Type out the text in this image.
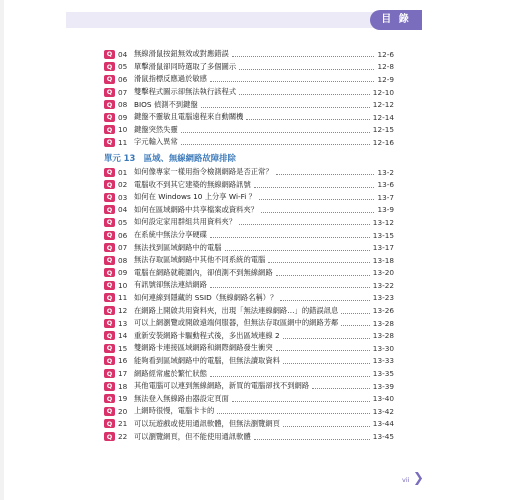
目 錄
Q 04 無線滑鼠按鈕無效或對應錯誤	12-6
Q 05 單擊滑鼠卻同時選取了多個圖示	12-8
Q 06 滑鼠指標反應過於敏感	12-9
Q 07 雙擊程式圖示卻無法執行該程式	12-10
Q 08 BIOS 偵測不到鍵盤	12-12
Q 09 鍵盤不靈敏且電腦遠程來自動關機	12-14
Q 10 鍵盤突然失靈	12-15
Q 11 字元輸入異常	12-16
單元 13　區域、無線網路故障排除
Q 01 如何像專家一樣用指令檢測網路是否正常？	13-2
Q 02 電腦收不到其它建築的無線網路訊號	13-6
Q 03 如何在 Windows 10 上分享 Wi-Fi ？	13-7
Q 04 如何在區域網路中共享檔案或資料夾？	13-9
Q 05 如何設定家用群組共用資料夾？	13-12
Q 06 在系統中無法分享硬碟	13-15
Q 07 無法找到區域網路中的電腦	13-17
Q 08 無法存取區域網路中其他不同系統的電腦	13-18
Q 09 電腦在網路就範圍內，卻偵測不到無線網路	13-20
Q 10 有訊號卻無法連結網路	13-22
Q 11 如何連線到隱藏的 SSID（無線網路名稱）？	13-23
Q 12 在網路上開啟共用資料夾，出現「無法連線網路…」的錯誤訊息	13-26
Q 13 可以上網瀏覽或開啟遠端伺服器，但無法存取區網中的網路芳鄰	13-28
Q 14 重新安裝網路卡驅動程式後，多出區域連線 2	13-28
Q 15 雙網路卡連接區域網路和網際網路發生衝突	13-30
Q 16 能夠看到區域網路中的電腦，但無法讀取資料	13-33
Q 17 網路經常處於繁忙狀態	13-35
Q 18 其他電腦可以連到無線網路，新買的電腦卻找不到網路	13-39
Q 19 無法登入無線路由器設定頁面	13-40
Q 20 上網時很慢，電腦卡卡的	13-42
Q 21 可以玩遊戲或使用通訊軟體，但無法瀏覽網頁	13-44
Q 22 可以瀏覽網頁，但不能使用通訊軟體	13-45
vii ❯
